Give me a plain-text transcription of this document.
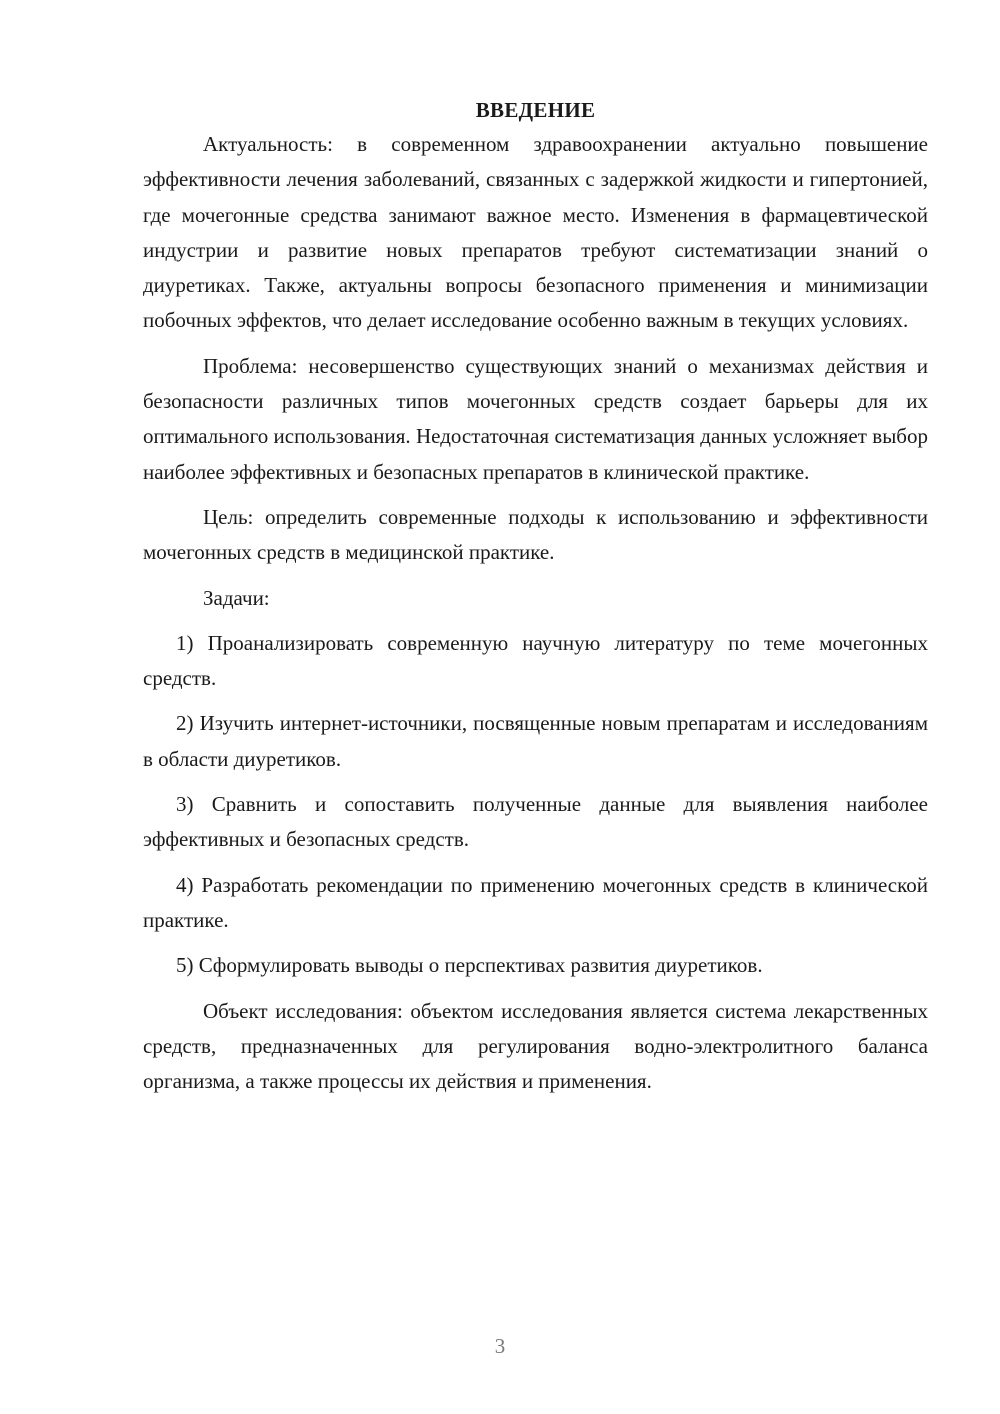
ВВЕДЕНИЕ

Актуальность: в современном здравоохранении актуально повышение эффективности лечения заболеваний, связанных с задержкой жидкости и гипертонией, где мочегонные средства занимают важное место. Изменения в фармацевтической индустрии и развитие новых препаратов требуют систематизации знаний о диуретиках. Также, актуальны вопросы безопасного применения и минимизации побочных эффектов, что делает исследование особенно важным в текущих условиях.

Проблема: несовершенство существующих знаний о механизмах действия и безопасности различных типов мочегонных средств создает барьеры для их оптимального использования. Недостаточная систематизация данных усложняет выбор наиболее эффективных и безопасных препаратов в клинической практике.

Цель: определить современные подходы к использованию и эффективности мочегонных средств в медицинской практике.

Задачи:

1) Проанализировать современную научную литературу по теме мочегонных средств.

2) Изучить интернет-источники, посвященные новым препаратам и исследованиям в области диуретиков.

3) Сравнить и сопоставить полученные данные для выявления наиболее эффективных и безопасных средств.

4) Разработать рекомендации по применению мочегонных средств в клинической практике.

5) Сформулировать выводы о перспективах развития диуретиков.

Объект исследования: объектом исследования является система лекарственных средств, предназначенных для регулирования водно-электролитного баланса организма, а также процессы их действия и применения.

3
